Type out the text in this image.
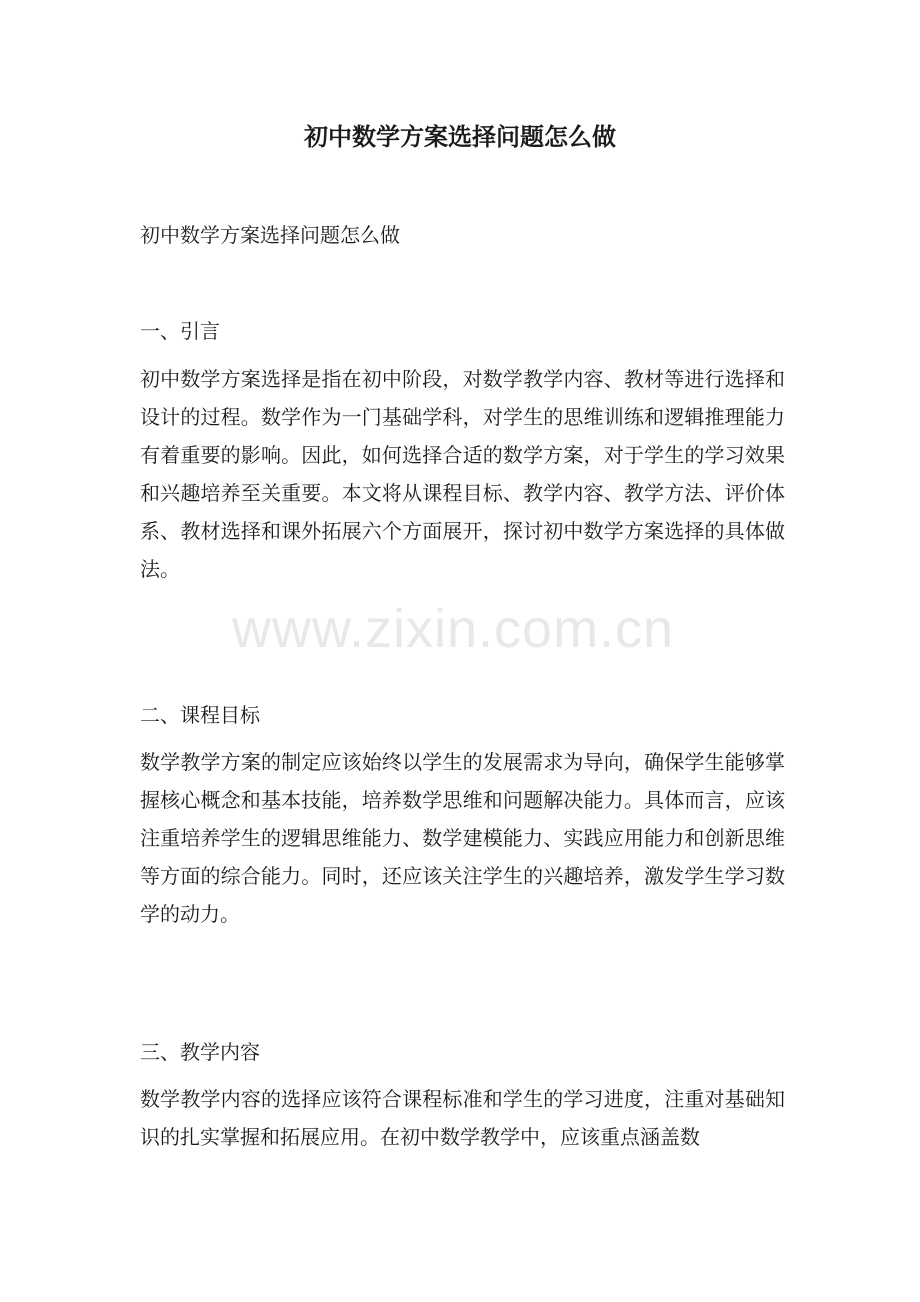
初中数学方案选择问题怎么做

初中数学方案选择问题怎么做

一、引言

初中数学方案选择是指在初中阶段，对数学教学内容、教材等进行选择和设计的过程。数学作为一门基础学科，对学生的思维训练和逻辑推理能力有着重要的影响。因此，如何选择合适的数学方案，对于学生的学习效果和兴趣培养至关重要。本文将从课程目标、教学内容、教学方法、评价体系、教材选择和课外拓展六个方面展开，探讨初中数学方案选择的具体做法。

二、课程目标

数学教学方案的制定应该始终以学生的发展需求为导向，确保学生能够掌握核心概念和基本技能，培养数学思维和问题解决能力。具体而言，应该注重培养学生的逻辑思维能力、数学建模能力、实践应用能力和创新思维等方面的综合能力。同时，还应该关注学生的兴趣培养，激发学生学习数学的动力。

三、教学内容

数学教学内容的选择应该符合课程标准和学生的学习进度，注重对基础知识的扎实掌握和拓展应用。在初中数学教学中，应该重点涵盖数

www.zixin.com.cn
